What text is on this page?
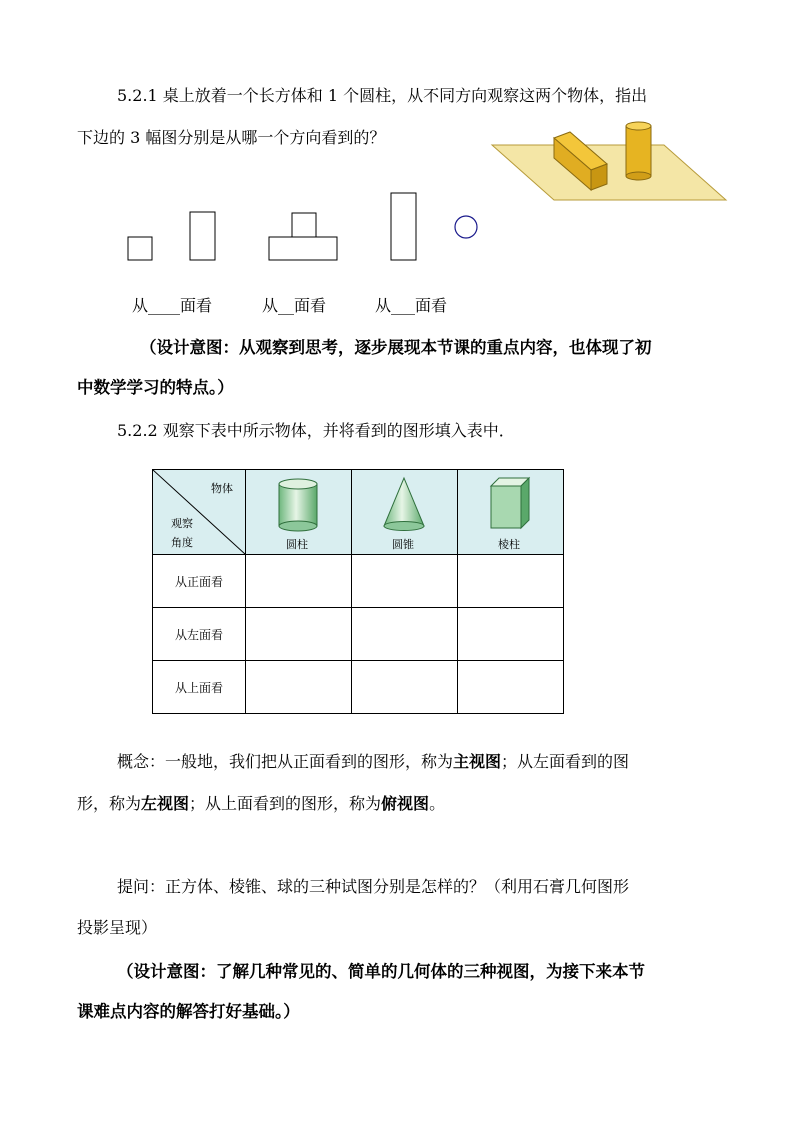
5.2.1 桌上放着一个长方体和 1 个圆柱，从不同方向观察这两个物体，指出
下边的 3 幅图分别是从哪一个方向看到的？
从____面看	从__面看	从___面看
（设计意图：从观察到思考，逐步展现本节课的重点内容，也体现了初
中数学学习的特点。）
5.2.2 观察下表中所示物体，并将看到的图形填入表中．
物体
观察
角度	圆柱	圆锥	棱柱

从正面看			
从左面看			
从上面看			
概念：一般地，我们把从正面看到的图形，称为主视图；从左面看到的图
形，称为左视图；从上面看到的图形，称为俯视图。
提问：正方体、棱锥、球的三种试图分别是怎样的？（利用石膏几何图形
投影呈现）
（设计意图：了解几种常见的、简单的几何体的三种视图，为接下来本节
课难点内容的解答打好基础。）
